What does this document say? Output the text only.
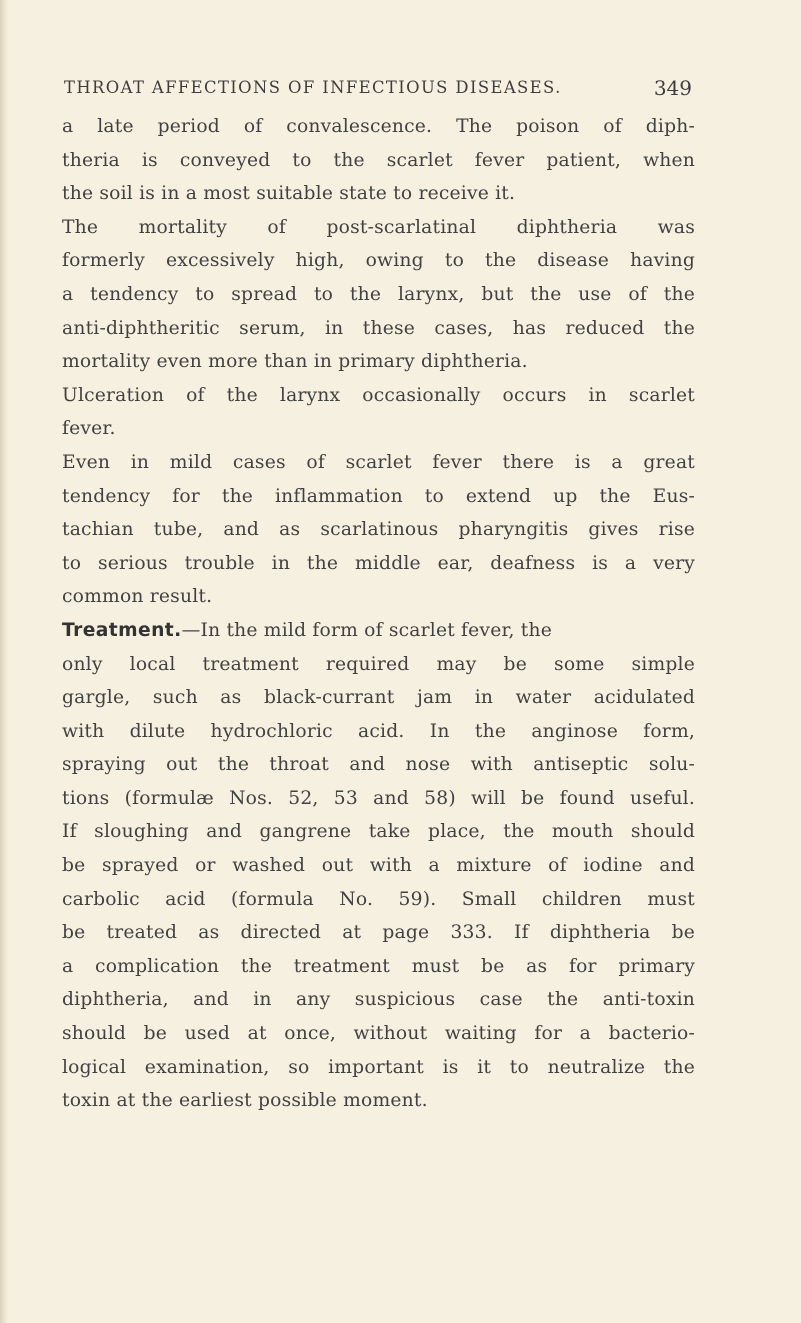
THROAT AFFECTIONS OF INFECTIOUS DISEASES.	349
a late period of convalescence. The poison of diph-
theria is conveyed to the scarlet fever patient, when
the soil is in a most suitable state to receive it.
The mortality of post-scarlatinal diphtheria was
formerly excessively high, owing to the disease having
a tendency to spread to the larynx, but the use of the
anti-diphtheritic serum, in these cases, has reduced the
mortality even more than in primary diphtheria.
Ulceration of the larynx occasionally occurs in scarlet
fever.
Even in mild cases of scarlet fever there is a great
tendency for the inflammation to extend up the Eus-
tachian tube, and as scarlatinous pharyngitis gives rise
to serious trouble in the middle ear, deafness is a very
common result.
Treatment.—In the mild form of scarlet fever, the
only local treatment required may be some simple
gargle, such as black-currant jam in water acidulated
with dilute hydrochloric acid. In the anginose form,
spraying out the throat and nose with antiseptic solu-
tions (formulæ Nos. 52, 53 and 58) will be found useful.
If sloughing and gangrene take place, the mouth should
be sprayed or washed out with a mixture of iodine and
carbolic acid (formula No. 59). Small children must
be treated as directed at page 333. If diphtheria be
a complication the treatment must be as for primary
diphtheria, and in any suspicious case the anti-toxin
should be used at once, without waiting for a bacterio-
logical examination, so important is it to neutralize the
toxin at the earliest possible moment.
